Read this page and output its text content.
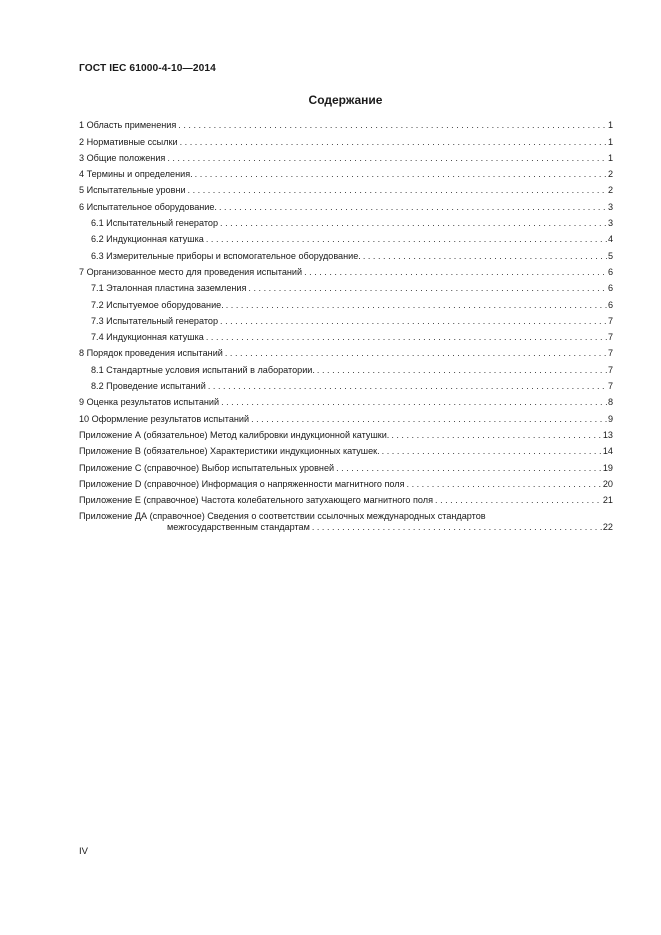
ГОСТ IEC 61000-4-10—2014
Содержание
1 Область применения . . .	1
2 Нормативные ссылки . . .	1
3 Общие положения . . .	1
4 Термины и определения. . . .	2
5 Испытательные уровни . . .	2
6 Испытательное оборудование. . . .	3
6.1 Испытательный генератор . . .	3
6.2 Индукционная катушка . . .	4
6.3 Измерительные приборы и вспомогательное оборудование. . . .	5
7 Организованное место для проведения испытаний . . .	6
7.1 Эталонная пластина заземления . . .	6
7.2 Испытуемое оборудование. . . .	6
7.3 Испытательный генератор . . .	7
7.4 Индукционная катушка . . .	7
8 Порядок проведения испытаний . . .	7
8.1 Стандартные условия испытаний в лаборатории. . . .	7
8.2 Проведение испытаний . . .	7
9 Оценка результатов испытаний . . .	8
10 Оформление результатов испытаний . . .	9
Приложение А (обязательное) Метод калибровки индукционной катушки. . . .	13
Приложение В (обязательное) Характеристики индукционных катушек. . . .	14
Приложение С (справочное) Выбор испытательных уровней . . .	19
Приложение D (справочное) Информация о напряженности магнитного поля . . .	20
Приложение Е (справочное) Частота колебательного затухающего магнитного поля . . .	21
Приложение ДА (справочное) Сведения о соответствии ссылочных международных стандартов
межгосударственным стандартам . . .	22
IV
